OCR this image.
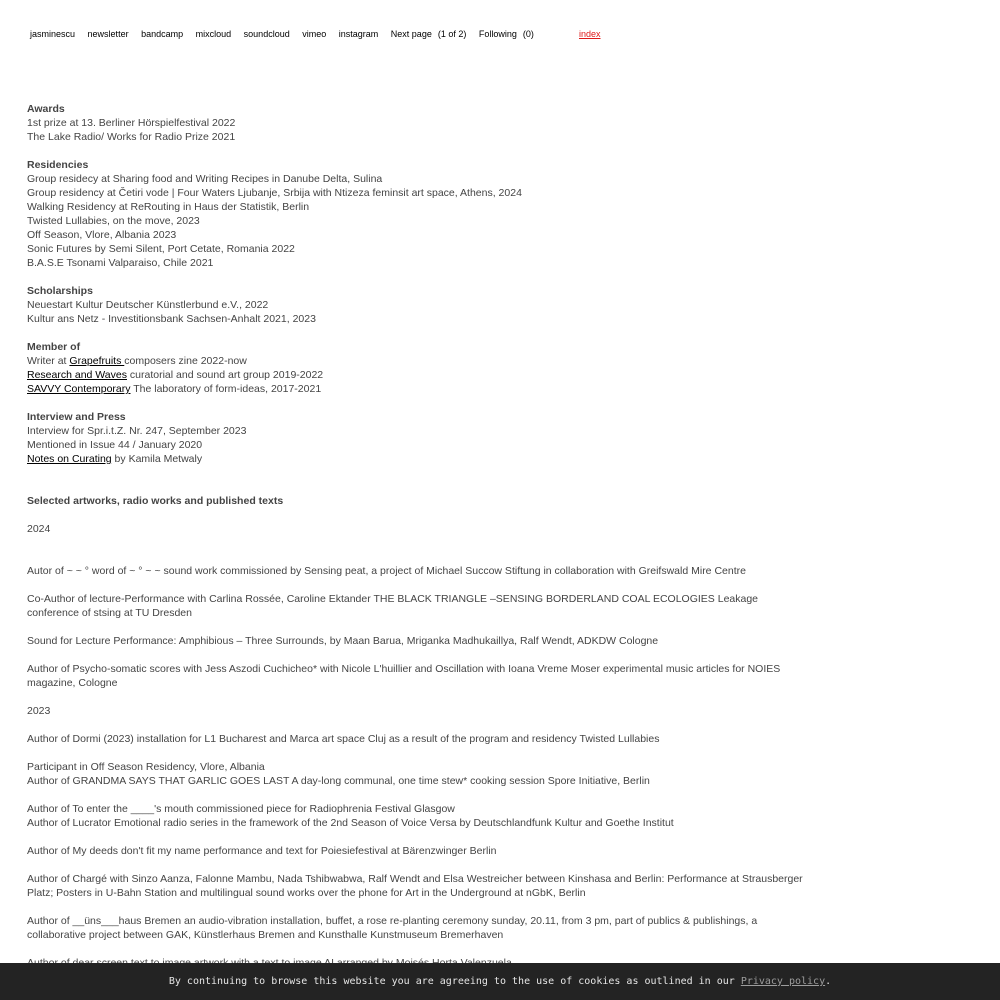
jasminescu newsletter bandcamp mixcloud soundcloud vimeo instagram Next page (1 of 2) Following (0)	index
Awards
1st prize at 13. Berliner Hörspielfestival 2022
The Lake Radio/ Works for Radio Prize 2021
Residencies
Group residecy at Sharing food and Writing Recipes in Danube Delta, Sulina
Group residency at Četiri vode | Four Waters Ljubanje, Srbija with Ntizeza feminsit art space, Athens, 2024
Walking Residency at ReRouting in Haus der Statistik, Berlin
Twisted Lullabies, on the move, 2023
Off Season, Vlore, Albania 2023
Sonic Futures by Semi Silent, Port Cetate, Romania 2022
B.A.S.E Tsonami Valparaiso, Chile 2021
Scholarships
Neuestart Kultur Deutscher Künstlerbund e.V., 2022
Kultur ans Netz - Investitionsbank Sachsen-Anhalt 2021, 2023
Member of
Writer at Grapefruits composers zine 2022-now
Research and Waves curatorial and sound art group 2019-2022
SAVVY Contemporary The laboratory of form-ideas, 2017-2021
Interview and Press
Interview for Spr.i.t.Z. Nr. 247, September 2023
Mentioned in Issue 44 / January 2020
Notes on Curating by Kamila Metwaly
Selected artworks, radio works and published texts
2024
Autor of ~ ~ ° word of ~ ° ~ ~ sound work commissioned by Sensing peat, a project of Michael Succow Stiftung in collaboration with Greifswald Mire Centre
Co-Author of lecture-Performance with Carlina Rossée, Caroline Ektander THE BLACK TRIANGLE –SENSING BORDERLAND COAL ECOLOGIES Leakage conference of stsing at TU Dresden
Sound for Lecture Performance: Amphibious – Three Surrounds, by Maan Barua, Mriganka Madhukaillya, Ralf Wendt, ADKDW Cologne
Author of Psycho-somatic scores with Jess Aszodi Cuchicheo* with Nicole L'huillier and Oscillation with Ioana Vreme Moser experimental music articles for NOIES magazine, Cologne
2023
Author of Dormi (2023) installation for L1 Bucharest and Marca art space Cluj as a result of the program and residency Twisted Lullabies
Participant in Off Season Residency, Vlore, Albania
Author of GRANDMA SAYS THAT GARLIC GOES LAST A day-long communal, one time stew* cooking session Spore Initiative, Berlin
Author of To enter the ____'s mouth commissioned piece for Radiophrenia Festival Glasgow
Author of Lucrator Emotional radio series in the framework of the 2nd Season of Voice Versa by Deutschlandfunk Kultur and Goethe Institut
Author of My deeds don't fit my name performance and text for Poiesiefestival at Bärenzwinger Berlin
Author of Chargé with Sinzo Aanza, Falonne Mambu, Nada Tshibwabwa, Ralf Wendt and Elsa Westreicher between Kinshasa and Berlin: Performance at Strausberger Platz; Posters in U-Bahn Station and multilingual sound works over the phone for Art in the Underground at nGbK, Berlin
Author of __üns___haus Bremen an audio-vibration installation, buffet, a rose re-planting ceremony sunday, 20.11, from 3 pm, part of publics & publishings, a collaborative project between GAK, Künstlerhaus Bremen and Kunsthalle Kunstmuseum Bremerhaven
By continuing to browse this website you are agreeing to the use of cookies as outlined in our Privacy policy.
